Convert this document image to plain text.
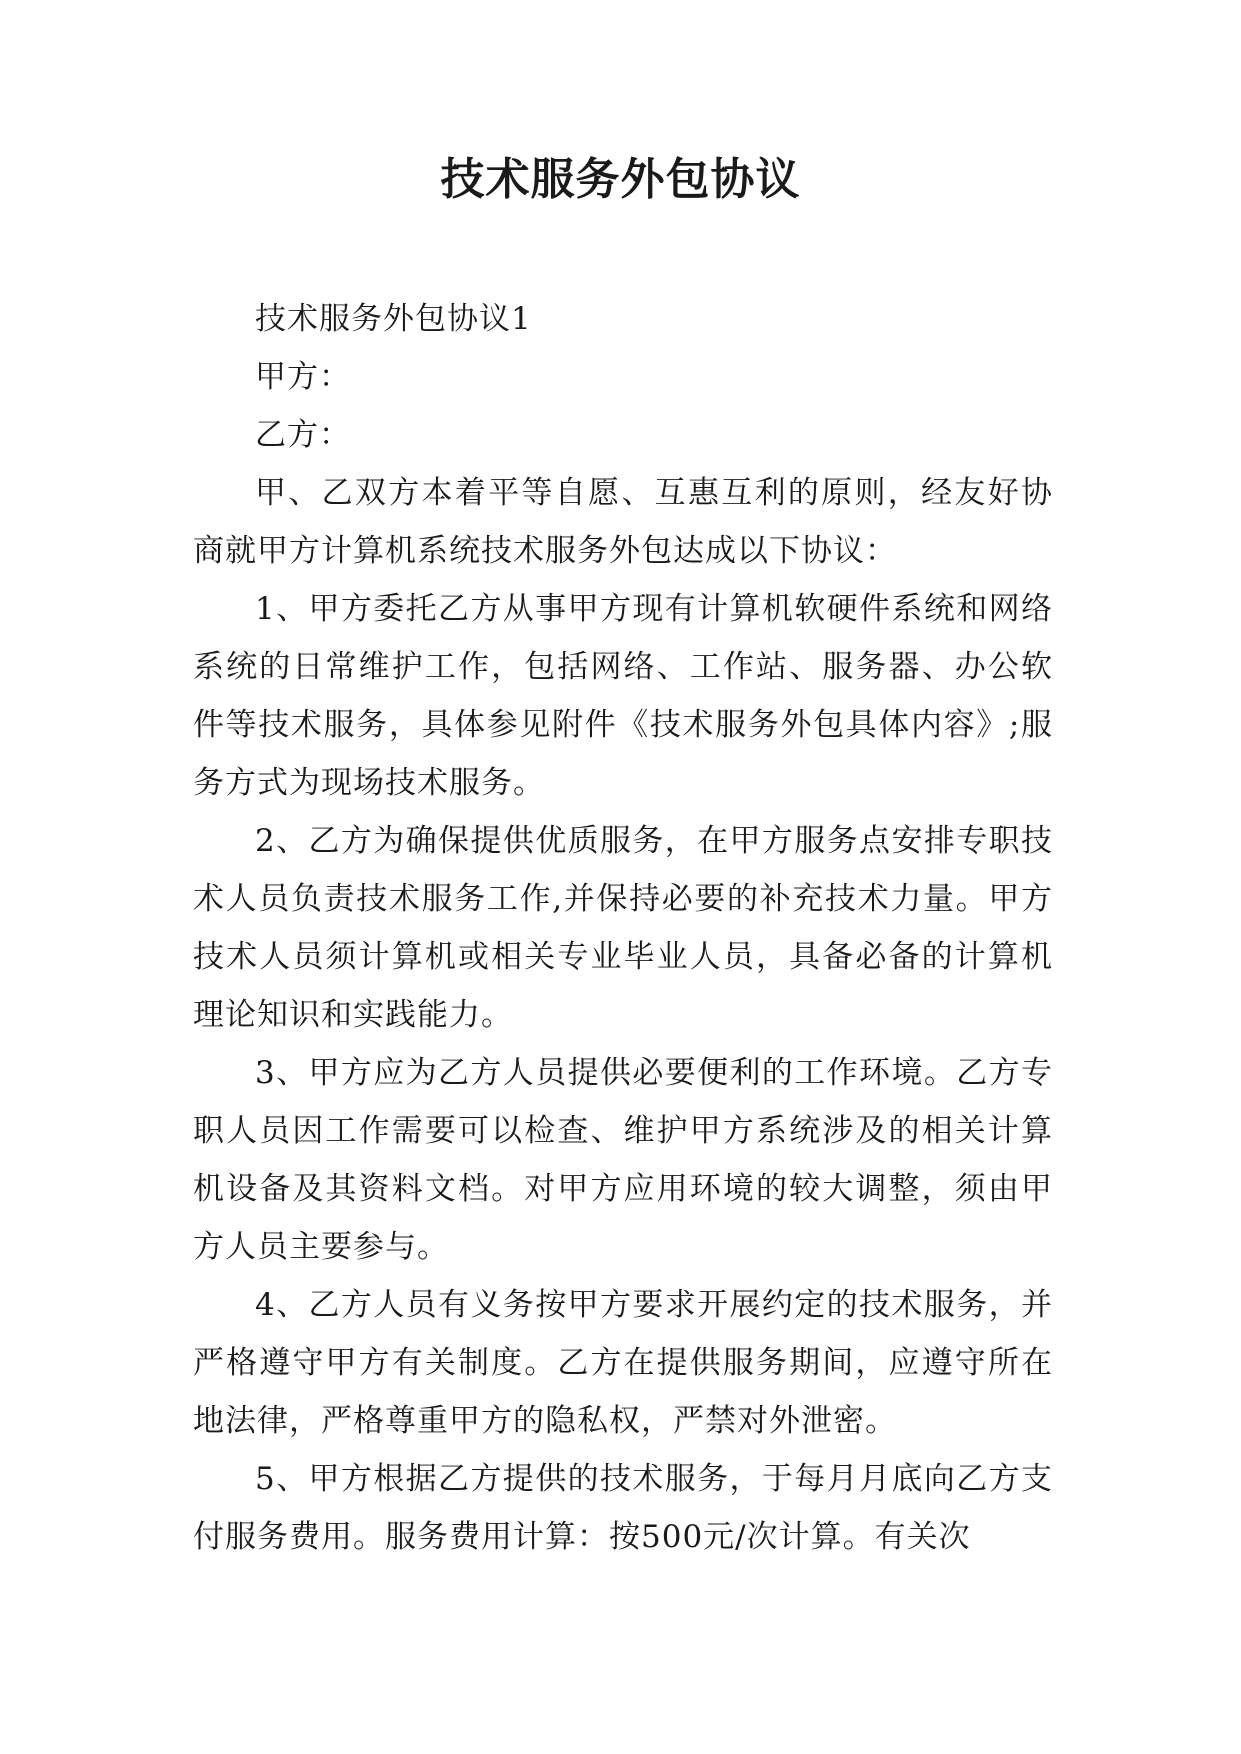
技术服务外包协议

技术服务外包协议1

甲方：

乙方：

甲、乙双方本着平等自愿、互惠互利的原则，经友好协商就甲方计算机系统技术服务外包达成以下协议：

1、甲方委托乙方从事甲方现有计算机软硬件系统和网络系统的日常维护工作，包括网络、工作站、服务器、办公软件等技术服务，具体参见附件《技术服务外包具体内容》;服务方式为现场技术服务。

2、乙方为确保提供优质服务，在甲方服务点安排专职技术人员负责技术服务工作,并保持必要的补充技术力量。甲方技术人员须计算机或相关专业毕业人员，具备必备的计算机理论知识和实践能力。

3、甲方应为乙方人员提供必要便利的工作环境。乙方专职人员因工作需要可以检查、维护甲方系统涉及的相关计算机设备及其资料文档。对甲方应用环境的较大调整，须由甲方人员主要参与。

4、乙方人员有义务按甲方要求开展约定的技术服务，并严格遵守甲方有关制度。乙方在提供服务期间，应遵守所在地法律，严格尊重甲方的隐私权，严禁对外泄密。

5、甲方根据乙方提供的技术服务，于每月月底向乙方支付服务费用。服务费用计算：按500元/次计算。有关次
